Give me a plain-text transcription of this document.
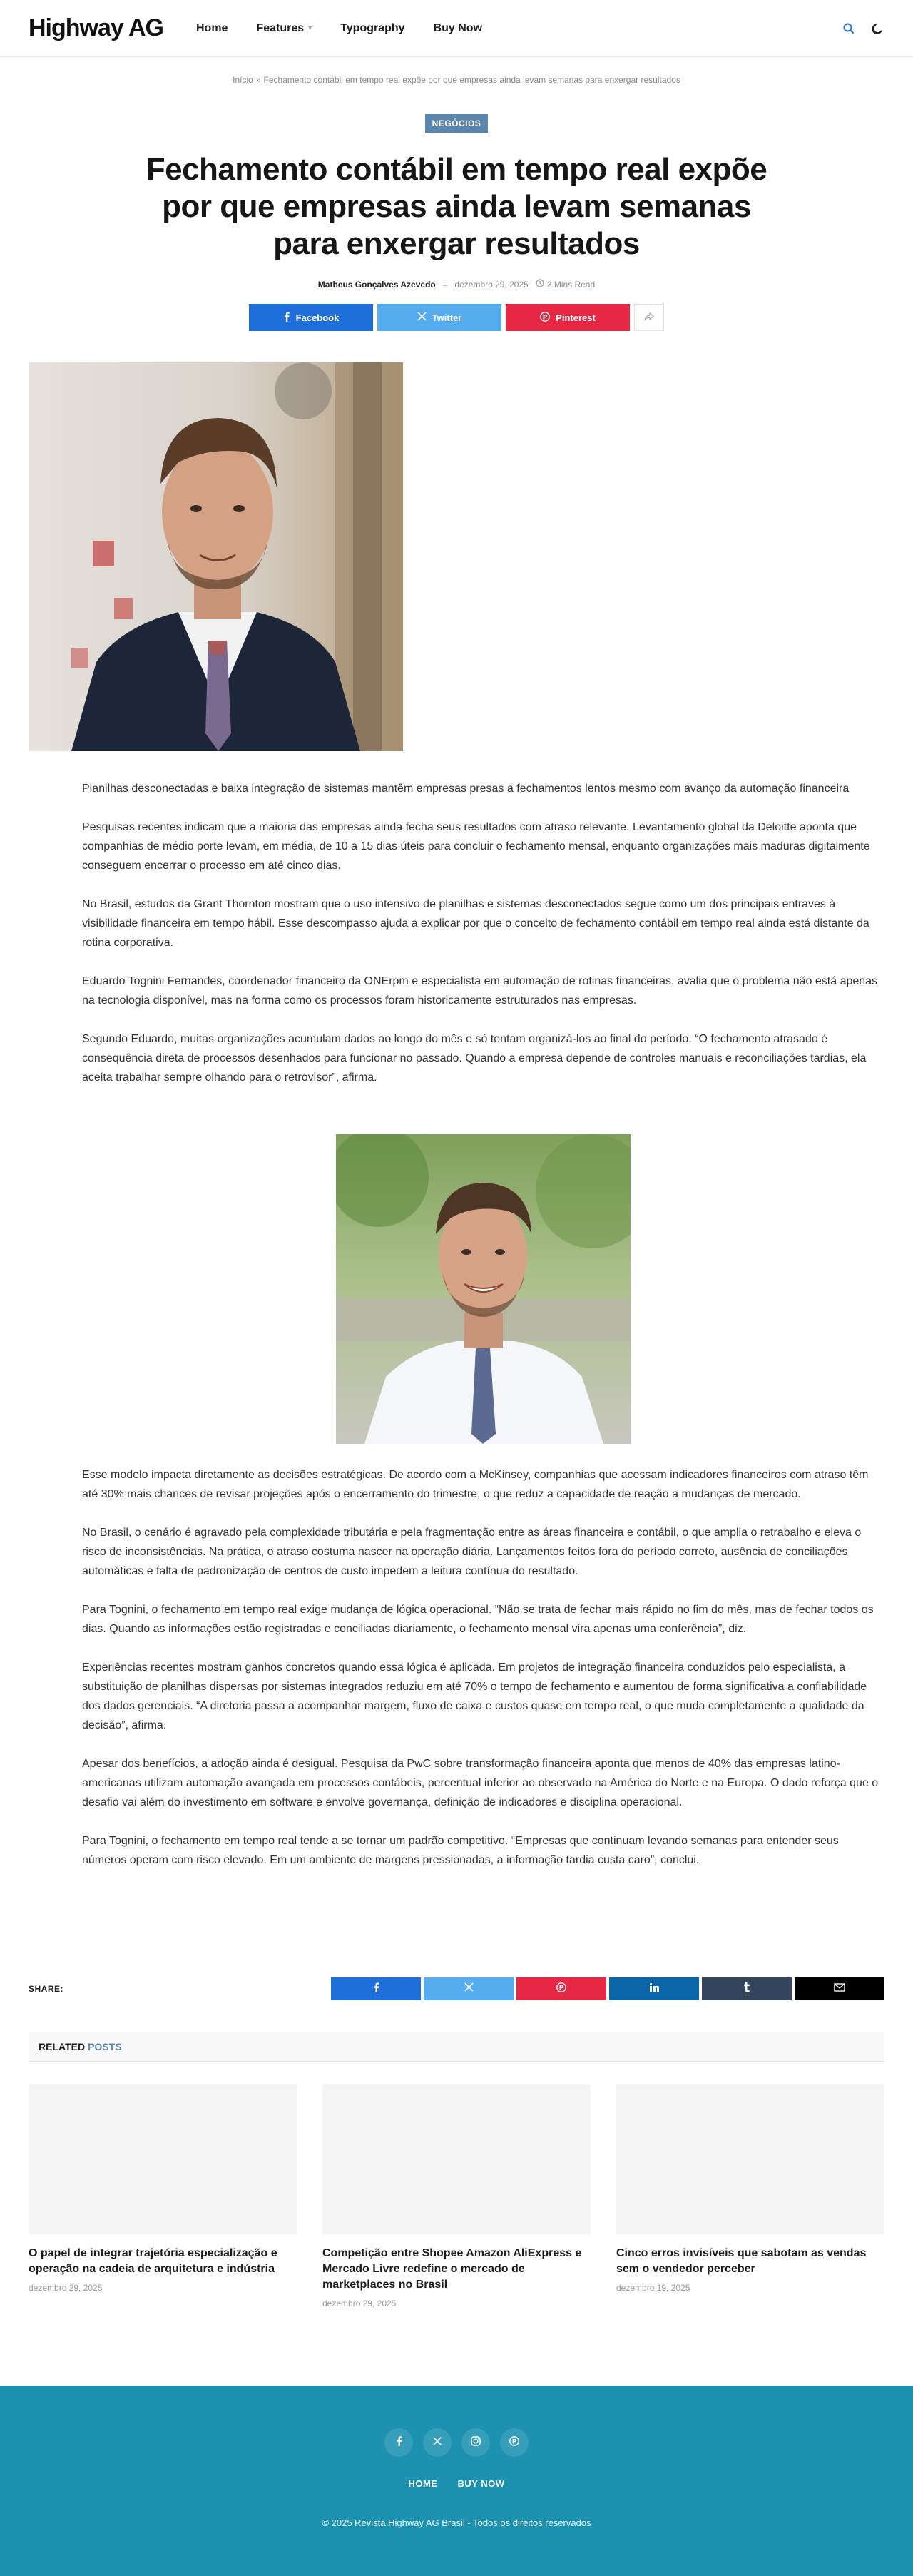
Highway AG	Home	Features ▾	Typography	Buy Now
Início » Fechamento contábil em tempo real expõe por que empresas ainda levam semanas para enxergar resultados
NEGÓCIOS
Fechamento contábil em tempo real expõe por que empresas ainda levam semanas para enxergar resultados
Matheus Gonçalves Azevedo – dezembro 29, 2025 3 Mins Read
Facebook	Twitter	P Pinterest

Planilhas desconectadas e baixa integração de sistemas mantêm empresas presas a fechamentos lentos mesmo com avanço da automação financeira

Pesquisas recentes indicam que a maioria das empresas ainda fecha seus resultados com atraso relevante. Levantamento global da Deloitte aponta que companhias de médio porte levam, em média, de 10 a 15 dias úteis para concluir o fechamento mensal, enquanto organizações mais maduras digitalmente conseguem encerrar o processo em até cinco dias.

No Brasil, estudos da Grant Thornton mostram que o uso intensivo de planilhas e sistemas desconectados segue como um dos principais entraves à visibilidade financeira em tempo hábil. Esse descompasso ajuda a explicar por que o conceito de fechamento contábil em tempo real ainda está distante da rotina corporativa.

Eduardo Tognini Fernandes, coordenador financeiro da ONErpm e especialista em automação de rotinas financeiras, avalia que o problema não está apenas na tecnologia disponível, mas na forma como os processos foram historicamente estruturados nas empresas.

Segundo Eduardo, muitas organizações acumulam dados ao longo do mês e só tentam organizá-los ao final do período. “O fechamento atrasado é consequência direta de processos desenhados para funcionar no passado. Quando a empresa depende de controles manuais e reconciliações tardias, ela aceita trabalhar sempre olhando para o retrovisor”, afirma.

Esse modelo impacta diretamente as decisões estratégicas. De acordo com a McKinsey, companhias que acessam indicadores financeiros com atraso têm até 30% mais chances de revisar projeções após o encerramento do trimestre, o que reduz a capacidade de reação a mudanças de mercado.

No Brasil, o cenário é agravado pela complexidade tributária e pela fragmentação entre as áreas financeira e contábil, o que amplia o retrabalho e eleva o risco de inconsistências. Na prática, o atraso costuma nascer na operação diária. Lançamentos feitos fora do período correto, ausência de conciliações automáticas e falta de padronização de centros de custo impedem a leitura contínua do resultado.

Para Tognini, o fechamento em tempo real exige mudança de lógica operacional. “Não se trata de fechar mais rápido no fim do mês, mas de fechar todos os dias. Quando as informações estão registradas e conciliadas diariamente, o fechamento mensal vira apenas uma conferência”, diz.

Experiências recentes mostram ganhos concretos quando essa lógica é aplicada. Em projetos de integração financeira conduzidos pelo especialista, a substituição de planilhas dispersas por sistemas integrados reduziu em até 70% o tempo de fechamento e aumentou de forma significativa a confiabilidade dos dados gerenciais. “A diretoria passa a acompanhar margem, fluxo de caixa e custos quase em tempo real, o que muda completamente a qualidade da decisão”, afirma.

Apesar dos benefícios, a adoção ainda é desigual. Pesquisa da PwC sobre transformação financeira aponta que menos de 40% das empresas latino-americanas utilizam automação avançada em processos contábeis, percentual inferior ao observado na América do Norte e na Europa. O dado reforça que o desafio vai além do investimento em software e envolve governança, definição de indicadores e disciplina operacional.

Para Tognini, o fechamento em tempo real tende a se tornar um padrão competitivo. “Empresas que continuam levando semanas para entender seus números operam com risco elevado. Em um ambiente de margens pressionadas, a informação tardia custa caro”, conclui.

SHARE:	P
RELATED POSTS
O papel de integrar trajetória especialização e operação na cadeia de arquitetura e indústria
dezembro 29, 2025
Competição entre Shopee Amazon AliExpress e Mercado Livre redefine o mercado de marketplaces no Brasil
dezembro 29, 2025
Cinco erros invisíveis que sabotam as vendas sem o vendedor perceber
dezembro 19, 2025
P
HOME BUY NOW
© 2025 Revista Highway AG Brasil - Todos os direitos reservados
